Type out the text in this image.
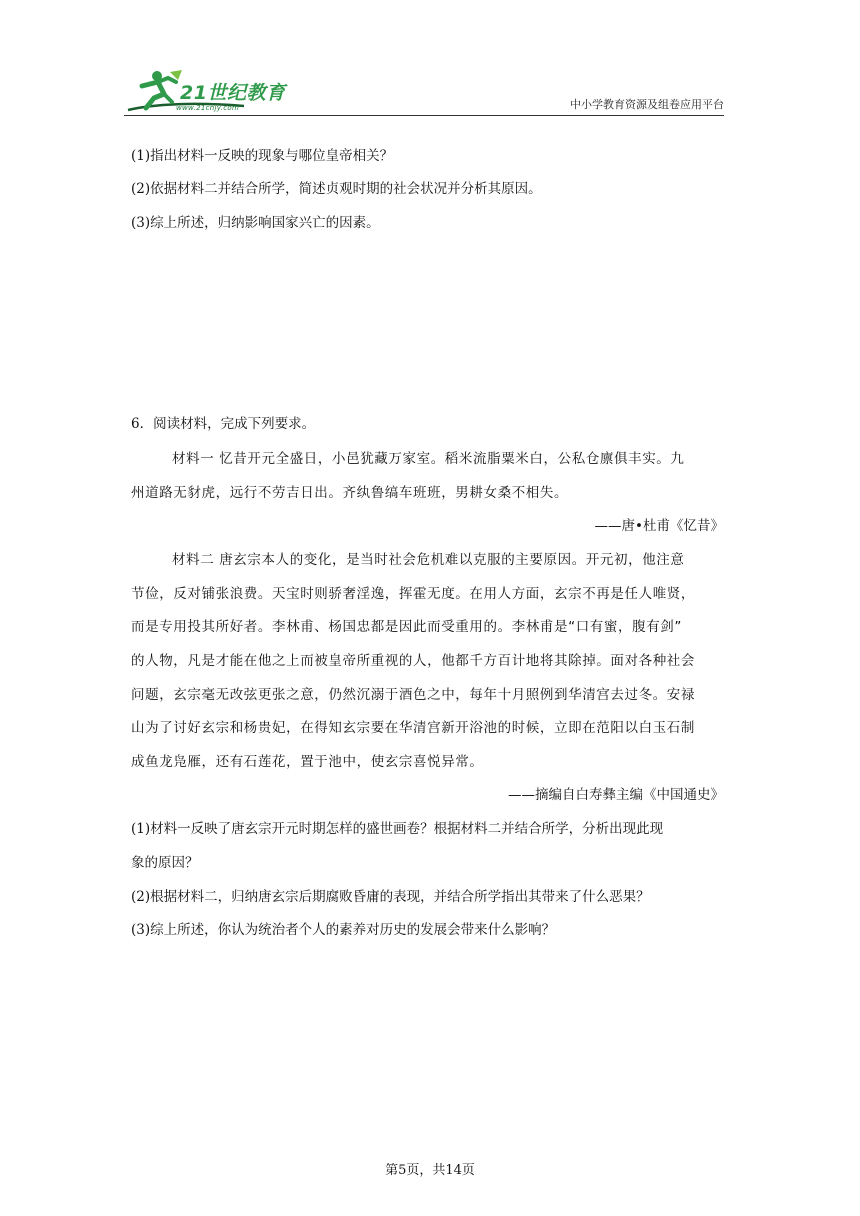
21世纪教育
www.21cnjy.com	中小学教育资源及组卷应用平台
(1)指出材料一反映的现象与哪位皇帝相关？
(2)依据材料二并结合所学，简述贞观时期的社会状况并分析其原因。
(3)综上所述，归纳影响国家兴亡的因素。
6．阅读材料，完成下列要求。
材料一 忆昔开元全盛日，小邑犹藏万家室。稻米流脂粟米白，公私仓廪俱丰实。九
州道路无豺虎，远行不劳吉日出。齐纨鲁缟车班班，男耕女桑不相失。
——唐•杜甫《忆昔》
材料二 唐玄宗本人的变化，是当时社会危机难以克服的主要原因。开元初，他注意
节俭，反对铺张浪费。天宝时则骄奢淫逸，挥霍无度。在用人方面，玄宗不再是任人唯贤，
而是专用投其所好者。李林甫、杨国忠都是因此而受重用的。李林甫是“口有蜜，腹有剑”
的人物，凡是才能在他之上而被皇帝所重视的人，他都千方百计地将其除掉。面对各种社会
问题，玄宗毫无改弦更张之意，仍然沉溺于酒色之中，每年十月照例到华清宫去过冬。安禄
山为了讨好玄宗和杨贵妃，在得知玄宗要在华清宫新开浴池的时候，立即在范阳以白玉石制
成鱼龙凫雁，还有石莲花，置于池中，使玄宗喜悦异常。
——摘编自白寿彝主编《中国通史》
(1)材料一反映了唐玄宗开元时期怎样的盛世画卷？根据材料二并结合所学，分析出现此现
象的原因？
(2)根据材料二，归纳唐玄宗后期腐败昏庸的表现，并结合所学指出其带来了什么恶果？
(3)综上所述，你认为统治者个人的素养对历史的发展会带来什么影响？
第5页，共14页
